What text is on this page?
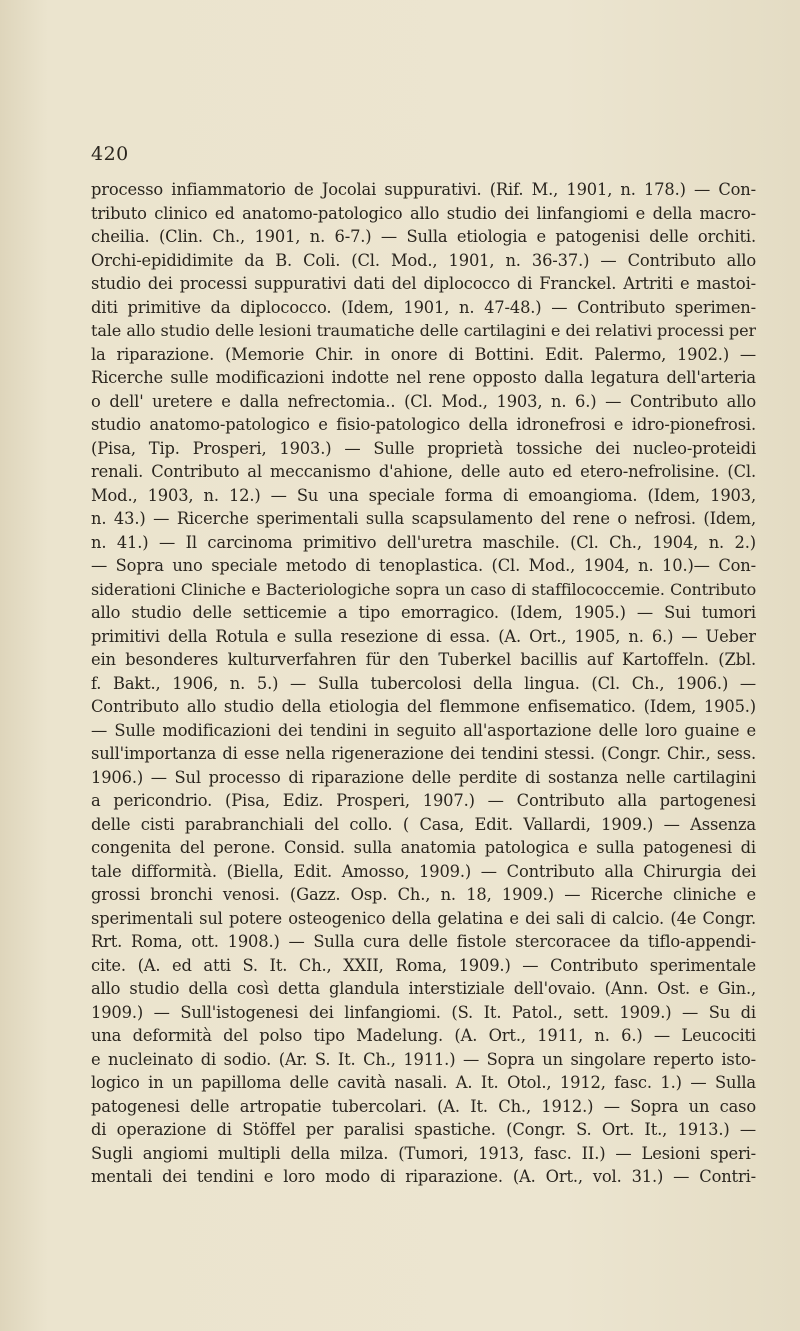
420
processo infiammatorio de Jocolai suppurativi. (Rif. M., 1901, n. 178.) — Con-
tributo clinico ed anatomo-patologico allo studio dei linfangiomi e della macro-
cheilia. (Clin. Ch., 1901, n. 6-7.) — Sulla etiologia e patogenisi delle orchiti.
Orchi-epididimite da B. Coli. (Cl. Mod., 1901, n. 36-37.) — Contributo allo
studio dei processi suppurativi dati del diplococco di Franckel. Artriti e mastoi-
diti primitive da diplococco. (Idem, 1901, n. 47-48.) — Contributo sperimen-
tale allo studio delle lesioni traumatiche delle cartilagini e dei relativi processi per
la riparazione. (Memorie Chir. in onore di Bottini. Edit. Palermo, 1902.) —
Ricerche sulle modificazioni indotte nel rene opposto dalla legatura dell'arteria
o dell' uretere e dalla nefrectomia.. (Cl. Mod., 1903, n. 6.) — Contributo allo
studio anatomo-patologico e fisio-patologico della idronefrosi e idro-pionefrosi.
(Pisa, Tip. Prosperi, 1903.) — Sulle proprietà tossiche dei nucleo-proteidi
renali. Contributo al meccanismo d'ahione, delle auto ed etero-nefrolisine. (Cl.
Mod., 1903, n. 12.) — Su una speciale forma di emoangioma. (Idem, 1903,
n. 43.) — Ricerche sperimentali sulla scapsulamento del rene o nefrosi. (Idem,
n. 41.) — Il carcinoma primitivo dell'uretra maschile. (Cl. Ch., 1904, n. 2.)
— Sopra uno speciale metodo di tenoplastica. (Cl. Mod., 1904, n. 10.)— Con-
siderationi Cliniche e Bacteriologiche sopra un caso di staffilococcemie. Contributo
allo studio delle setticemie a tipo emorragico. (Idem, 1905.) — Sui tumori
primitivi della Rotula e sulla resezione di essa. (A. Ort., 1905, n. 6.) — Ueber
ein besonderes kulturverfahren für den Tuberkel bacillis auf Kartoffeln. (Zbl.
f. Bakt., 1906, n. 5.) — Sulla tubercolosi della lingua. (Cl. Ch., 1906.) —
Contributo allo studio della etiologia del flemmone enfisematico. (Idem, 1905.)
— Sulle modificazioni dei tendini in seguito all'asportazione delle loro guaine e
sull'importanza di esse nella rigenerazione dei tendini stessi. (Congr. Chir., sess.
1906.) — Sul processo di riparazione delle perdite di sostanza nelle cartilagini
a pericondrio. (Pisa, Ediz. Prosperi, 1907.) — Contributo alla partogenesi
delle cisti parabranchiali del collo. ( Casa, Edit. Vallardi, 1909.) — Assenza
congenita del perone. Consid. sulla anatomia patologica e sulla patogenesi di
tale difformità. (Biella, Edit. Amosso, 1909.) — Contributo alla Chirurgia dei
grossi bronchi venosi. (Gazz. Osp. Ch., n. 18, 1909.) — Ricerche cliniche e
sperimentali sul potere osteogenico della gelatina e dei sali di calcio. (4e Congr.
Rrt. Roma, ott. 1908.) — Sulla cura delle fistole stercoracee da tiflo-appendi-
cite. (A. ed atti S. It. Ch., XXII, Roma, 1909.) — Contributo sperimentale
allo studio della così detta glandula interstiziale dell'ovaio. (Ann. Ost. e Gin.,
1909.) — Sull'istogenesi dei linfangiomi. (S. It. Patol., sett. 1909.) — Su di
una deformità del polso tipo Madelung. (A. Ort., 1911, n. 6.) — Leucociti
e nucleinato di sodio. (Ar. S. It. Ch., 1911.) — Sopra un singolare reperto isto-
logico in un papilloma delle cavità nasali. A. It. Otol., 1912, fasc. 1.) — Sulla
patogenesi delle artropatie tubercolari. (A. It. Ch., 1912.) — Sopra un caso
di operazione di Stöffel per paralisi spastiche. (Congr. S. Ort. It., 1913.) —
Sugli angiomi multipli della milza. (Tumori, 1913, fasc. II.) — Lesioni speri-
mentali dei tendini e loro modo di riparazione. (A. Ort., vol. 31.) — Contri-
